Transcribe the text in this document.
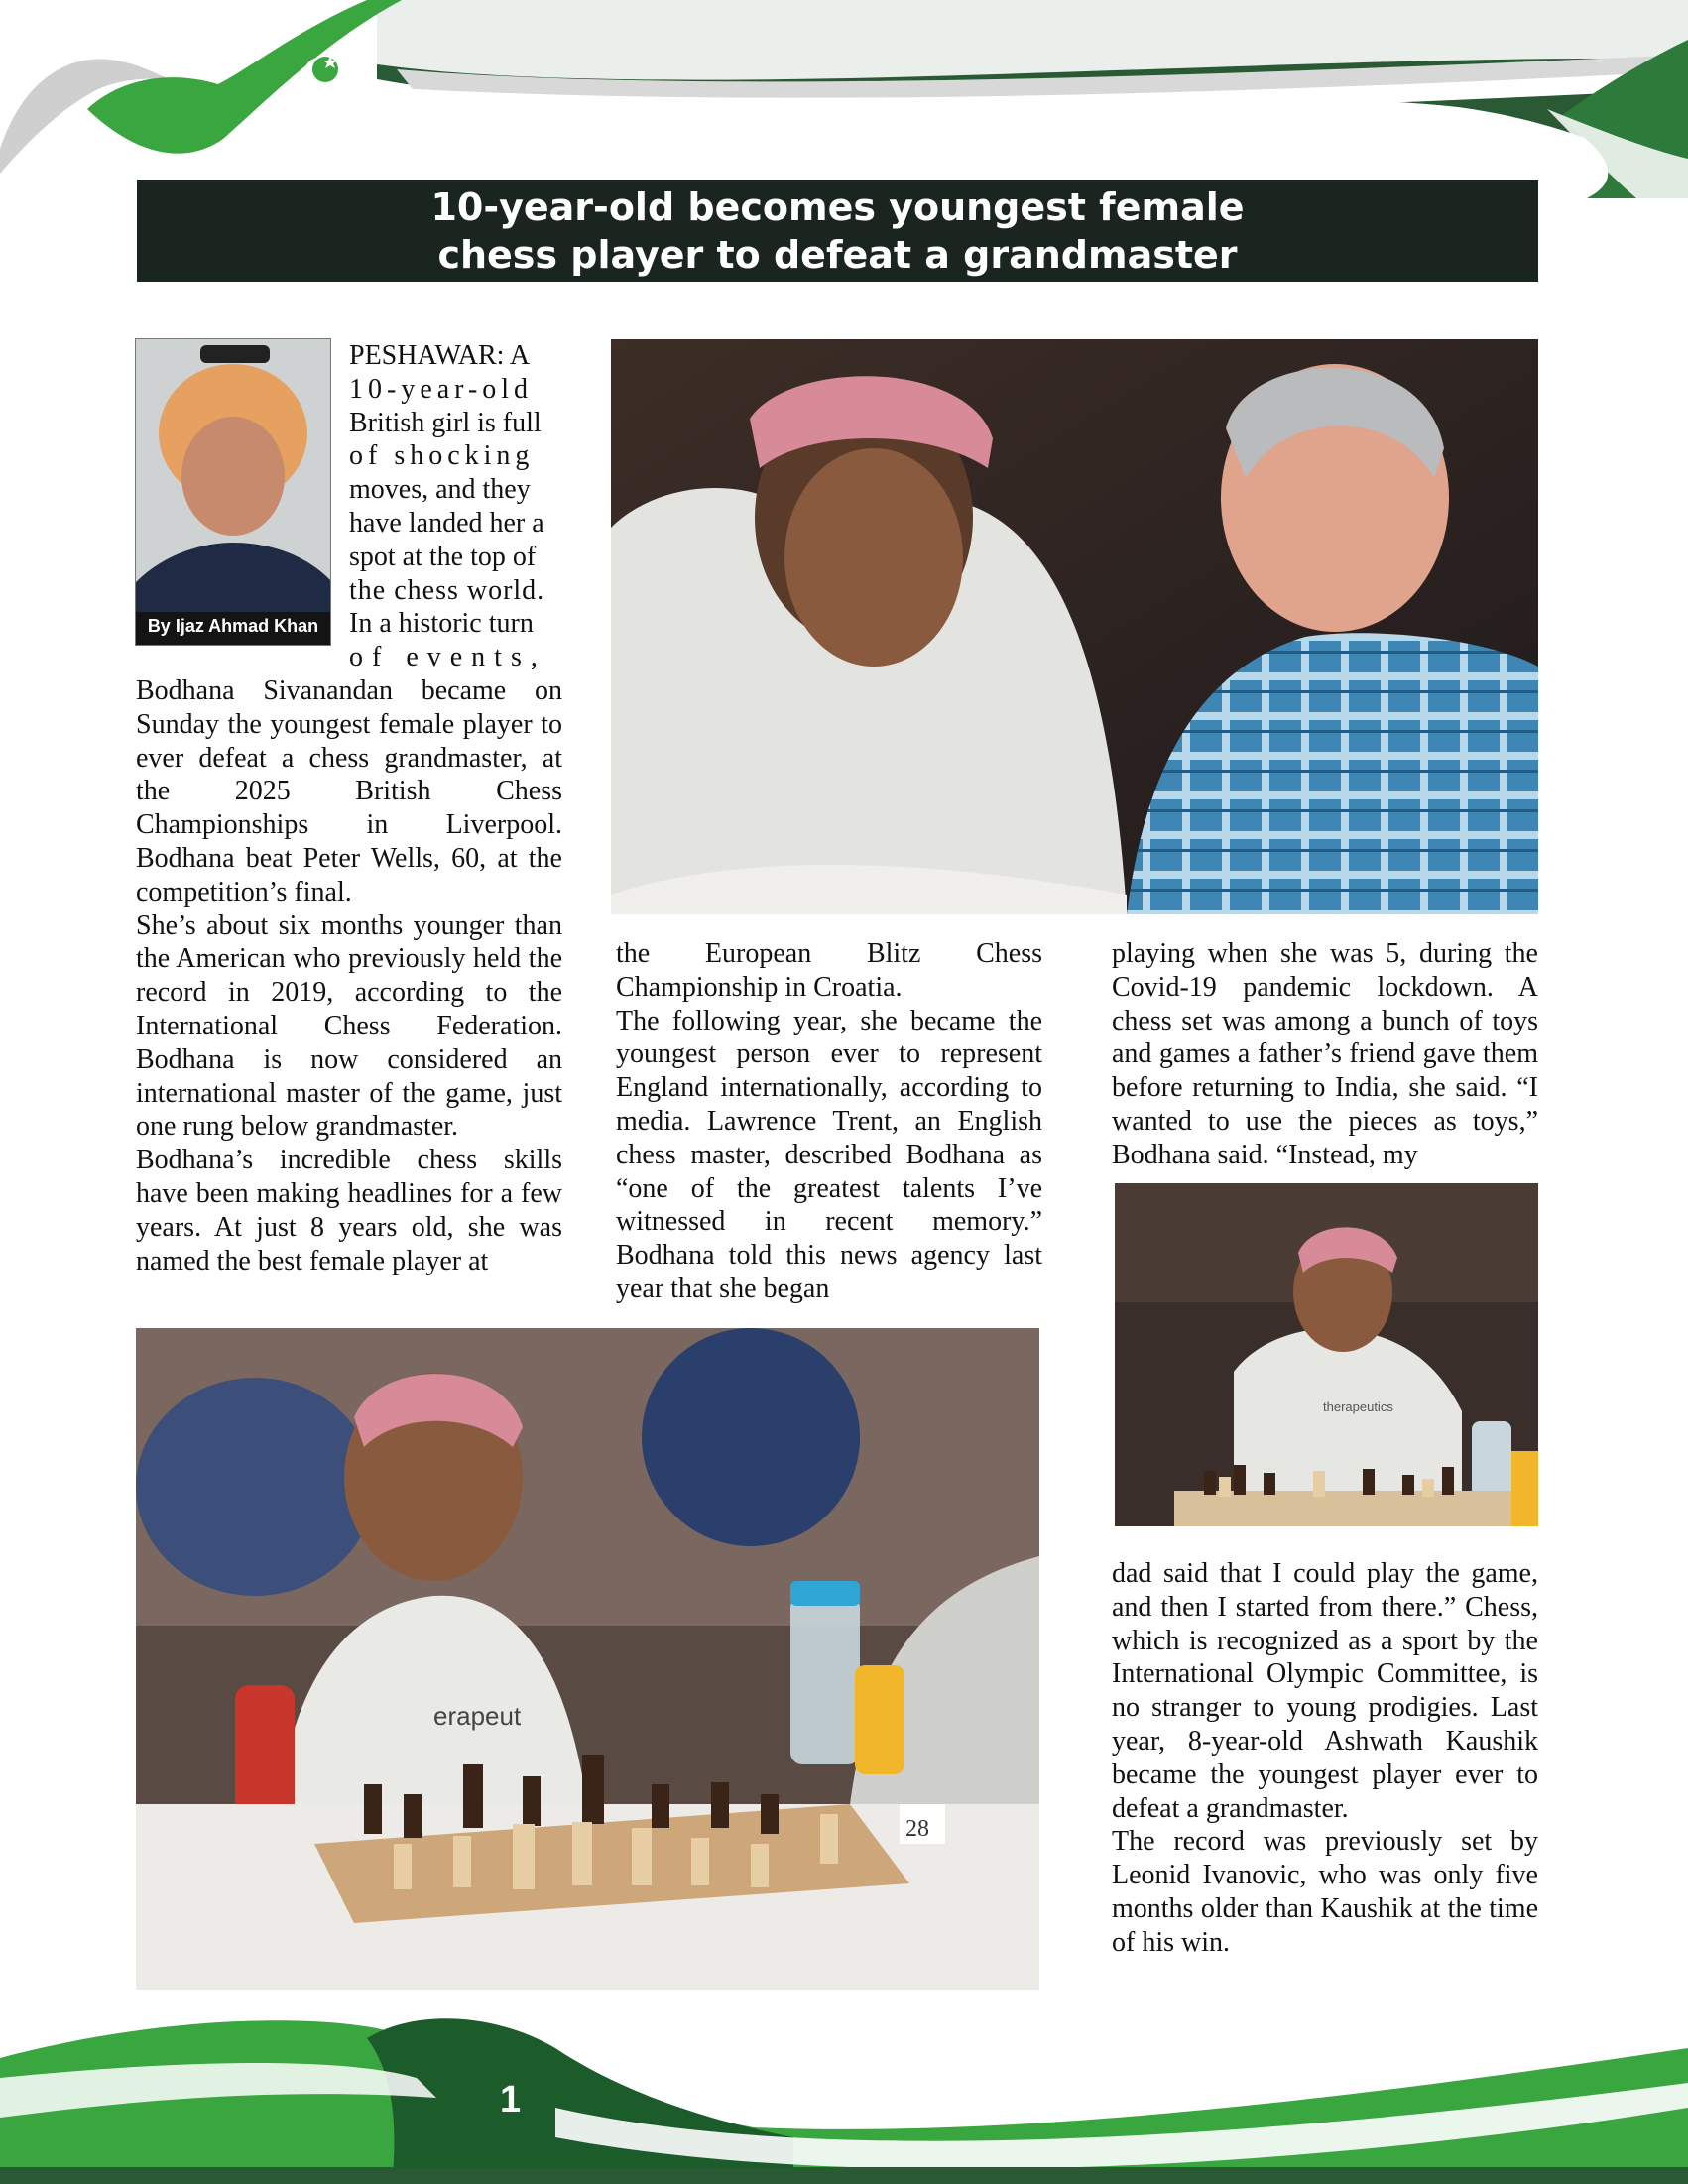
10-year-old becomes youngest female
chess player to defeat a grandmaster
By Ijaz Ahmad Khan

PESHAWAR: A

10-year-old

British girl is full

of shocking

moves, and they

have landed her a

spot at the top of

the chess world.

In a historic turn

of events,

Bodhana Sivanandan became on Sunday the youngest female player to ever defeat a chess grandmaster, at the 2025 British Chess Championships in Liverpool. Bodhana beat Peter Wells, 60, at the competition’s final.

She’s about six months younger than the American who previously held the record in 2019, according to the International Chess Federation. Bodhana is now considered an international master of the game, just one rung below grandmaster.

Bodhana’s incredible chess skills have been making headlines for a few years. At just 8 years old, she was named the best female player at

the European Blitz Chess Championship in Croatia.

The following year, she became the youngest person ever to represent England internationally, according to media. Lawrence Trent, an English chess master, described Bodhana as “one of the greatest talents I’ve witnessed in recent memory.” Bodhana told this news agency last year that she began

playing when she was 5, during the Covid-19 pandemic lockdown. A chess set was among a bunch of toys and games a father’s friend gave them before returning to India, she said. “I wanted to use the pieces as toys,” Bodhana said. “Instead, my

therapeutics

dad said that I could play the game, and then I started from there.” Chess, which is recognized as a sport by the International Olympic Committee, is no stranger to young prodigies. Last year, 8-year-old Ashwath Kaushik became the youngest player ever to defeat a grandmaster.

The record was previously set by Leonid Ivanovic, who was only five months older than Kaushik at the time of his win.

erapeut
28
1
